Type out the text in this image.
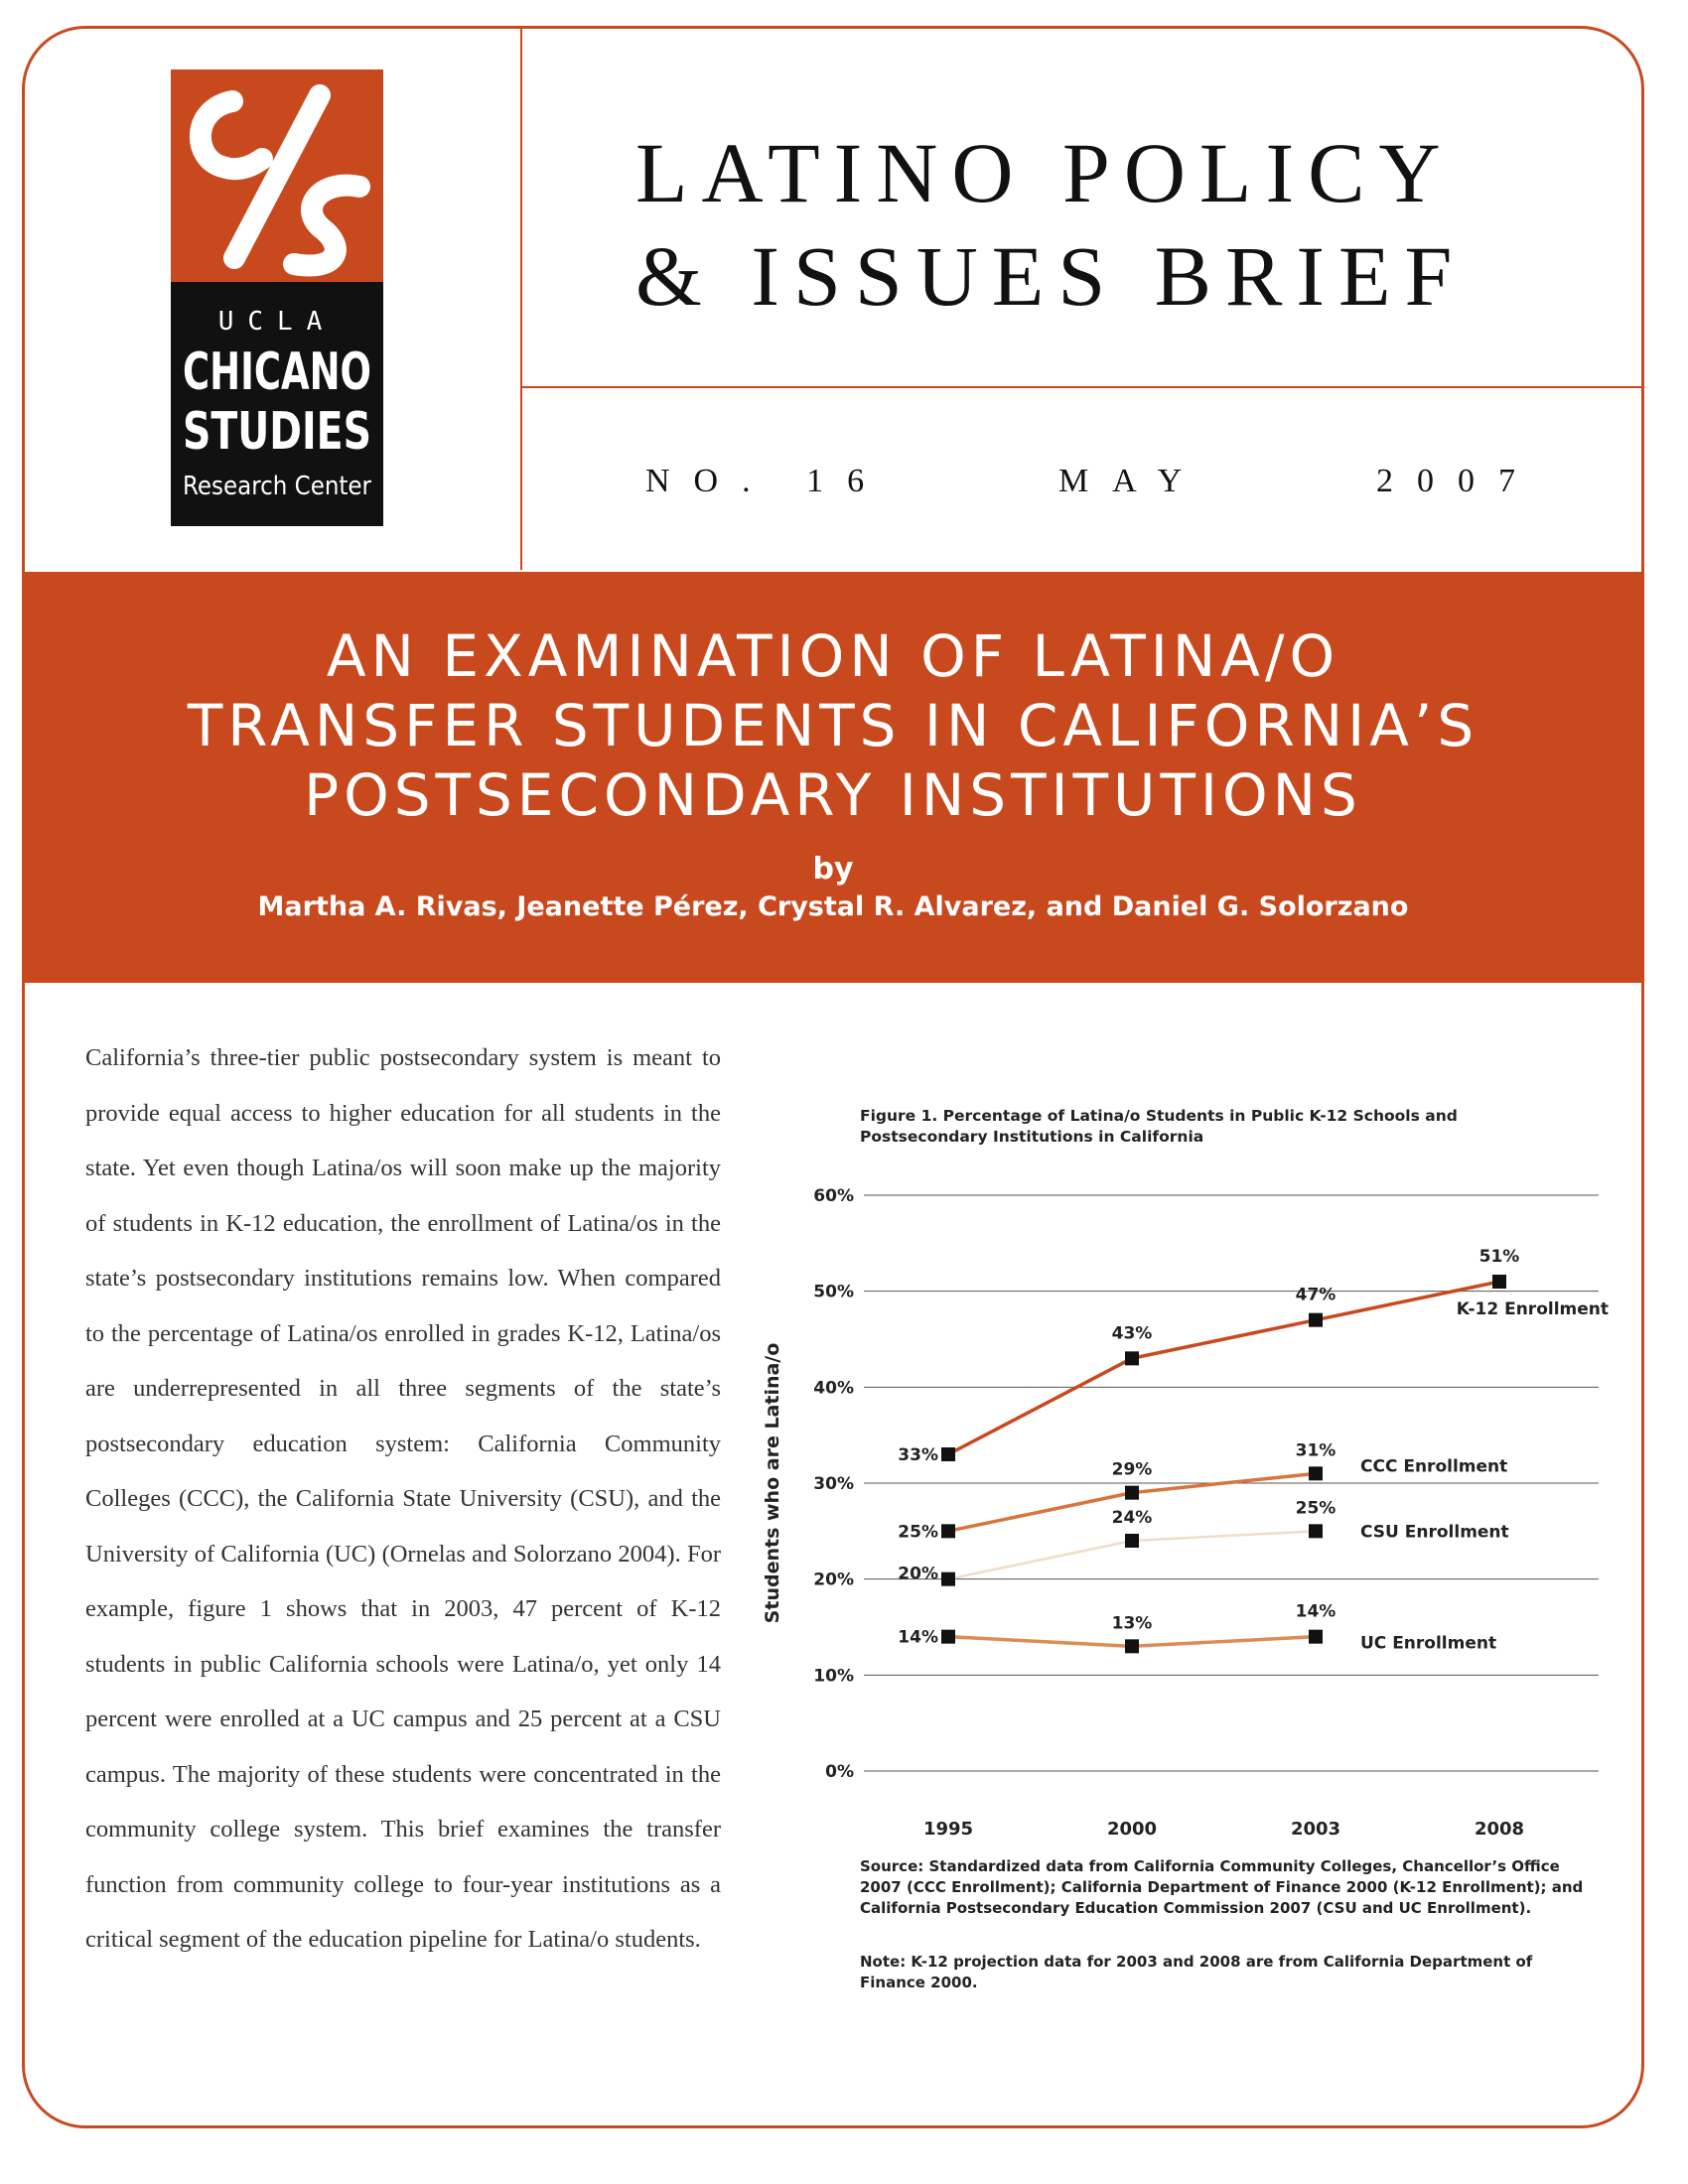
UCLA
CHICANO
STUDIES
Research Center
LATINO POLICY
& ISSUES BRIEF
NO. 16	MAY	2007
AN EXAMINATION OF LATINA/O
TRANSFER STUDENTS IN CALIFORNIA’S
POSTSECONDARY INSTITUTIONS
by
Martha A. Rivas, Jeanette Pérez, Crystal R. Alvarez, and Daniel G. Solorzano
California’s three-tier public postsecondary system is meant to provide equal access to higher education for all students in the state. Yet even though Latina/os will soon make up the majority of students in K-12 education, the enrollment of Latina/os in the state’s postsecondary institutions remains low. When compared to the percentage of Latina/os enrolled in grades K-12, Latina/os are underrepresented in all three segments of the state’s postsecondary education system: California Community Colleges (CCC), the California State University (CSU), and the University of California (UC) (Ornelas and Solorzano 2004). For example, figure 1 shows that in 2003, 47 percent of K-12 students in public California schools were Latina/o, yet only 14 percent were enrolled at a UC campus and 25 percent at a CSU campus. The majority of these students were concentrated in the community college system. This brief examines the transfer function from community college to four-year institutions as a critical segment of the education pipeline for Latina/o students.
Figure 1. Percentage of Latina/o Students in Public K-12 Schools and Postsecondary Institutions in California
0%
10%
20%
30%
40%
50%
60%
1995	2000	2003	2008
Students who are Latina/o	33%
43%
47%
51%
K-12 Enrollment
25%
29%
31%
CCC Enrollment
20%
24%	25%
CSU Enrollment
14%
13%
14%
UC Enrollment
Source: Standardized data from California Community Colleges, Chancellor’s Office 2007 (CCC Enrollment); California Department of Finance 2000 (K-12 Enrollment); and California Postsecondary Education Commission 2007 (CSU and UC Enrollment).
Note: K-12 projection data for 2003 and 2008 are from California Department of Finance 2000.
